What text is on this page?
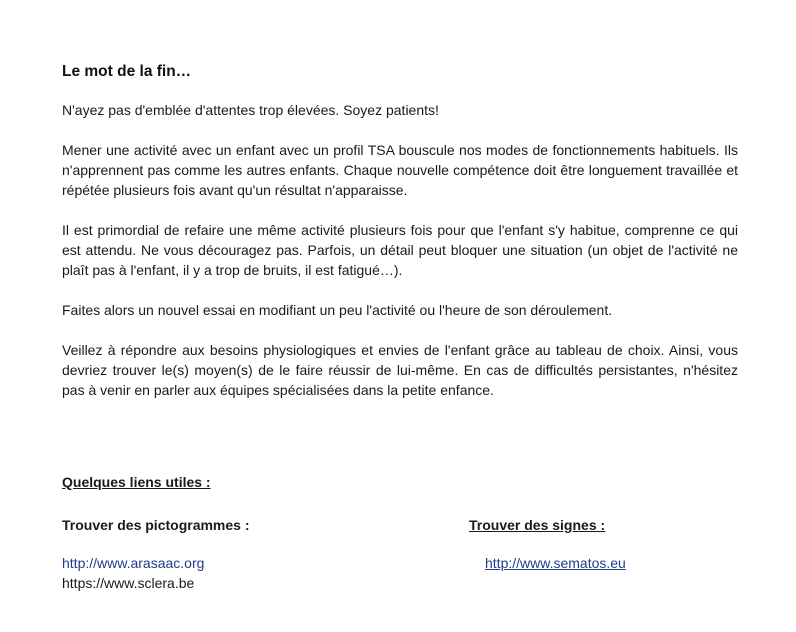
Le mot de la fin…

N'ayez pas d'emblée d'attentes trop élevées. Soyez patients!

Mener une activité avec un enfant avec un profil TSA bouscule nos modes de fonctionnements habituels. Ils n'apprennent pas comme les autres enfants. Chaque nouvelle compétence doit être longuement travaillée et répétée plusieurs fois avant qu'un résultat n'apparaisse.

Il est primordial de refaire une même activité plusieurs fois pour que l'enfant s'y habitue, comprenne ce qui est attendu. Ne vous découragez pas. Parfois, un détail peut bloquer une situation (un objet de l'activité ne plaît pas à l'enfant, il y a trop de bruits, il est fatigué…).

Faites alors un nouvel essai en modifiant un peu l'activité ou l'heure de son déroulement.

Veillez à répondre aux besoins physiologiques et envies de l'enfant grâce au tableau de choix. Ainsi, vous devriez trouver le(s) moyen(s) de le faire réussir de lui-même. En cas de difficultés persistantes, n'hésitez pas à venir en parler aux équipes spécialisées dans la petite enfance.

Quelques liens utiles :
Trouver des pictogrammes :
http://www.arasaac.org
https://www.sclera.be
Trouver des signes :
http://www.sematos.eu
